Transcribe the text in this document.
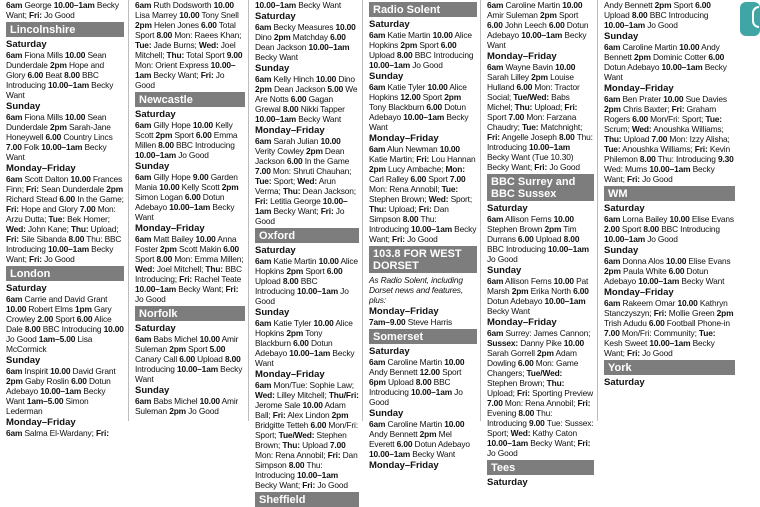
6am George 10.00–1am Becky Want; Fri: Jo Good

Lincolnshire
Saturday

6am Fiona Mills 10.00 Sean Dunderdale 2pm Hope and Glory 6.00 Beat 8.00 BBC Introducing 10.00–1am Becky Want

Sunday

6am Fiona Mills 10.00 Sean Dunderdale 2pm Sarah-Jane Honeywell 6.00 Country Lincs 7.00 Folk 10.00–1am Becky Want

Monday–Friday

6am Scott Dalton 10.00 Frances Finn; Fri: Sean Dunderdale 2pm Richard Stead 6.00 In the Game; Fri: Hope and Glory 7.00 Mon: Arzu Dutta; Tue: Bek Homer; Wed: John Kane; Thu: Upload; Fri: Sile Sibanda 8.00 Thu: BBC Introducing 10.00–1am Becky Want; Fri: Jo Good

London
Saturday

6am Carrie and David Grant 10.00 Robert Elms 1pm Gary Crowley 2.00 Sport 6.00 Alice Dale 8.00 BBC Introducing 10.00 Jo Good 1am–5.00 Lisa McCormick

Sunday

6am Inspirit 10.00 David Grant 2pm Gaby Roslin 6.00 Dotun Adebayo 10.00–1am Becky Want 1am–5.00 Simon Lederman

Monday–Friday

6am Salma El-Wardany; Fri:

6am Ruth Dodsworth 10.00 Lisa Marrey 10.00 Tony Snell 2pm Helen Jones 6.00 Total Sport 8.00 Mon: Raees Khan; Tue: Jade Burns; Wed: Joel Mitchell; Thu: Total Sport 9.00 Mon: Orient Express 10.00–1am Becky Want; Fri: Jo Good

Newcastle
Saturday

6am Gilly Hope 10.00 Kelly Scott 2pm Sport 6.00 Emma Millen 8.00 BBC Introducing 10.00–1am Jo Good

Sunday

6am Gilly Hope 9.00 Garden Mania 10.00 Kelly Scott 2pm Simon Logan 6.00 Dotun Adebayo 10.00–1am Becky Want

Monday–Friday

6am Matt Bailey 10.00 Anna Foster 2pm Scott Makin 6.00 Sport 8.00 Mon: Emma Millen; Wed: Joel Mitchell; Thu: BBC Introducing; Fri: Rachel Teate 10.00–1am Becky Want; Fri: Jo Good

Norfolk
Saturday

6am Babs Michel 10.00 Amir Suleman 2pm Sport 5.00 Canary Call 6.00 Upload 8.00 Introducing 10.00–1am Becky Want

Sunday

6am Babs Michel 10.00 Amir Suleman 2pm Jo Good

10.00–1am Becky Want

Saturday

6am Becky Measures 10.00 Dino 2pm Matchday 6.00 Dean Jackson 10.00–1am Becky Want

Sunday

6am Kelly Hinch 10.00 Dino 2pm Dean Jackson 5.00 We Are Notts 6.00 Gagan Grewal 8.00 Nikki Tapper 10.00–1am Becky Want

Monday–Friday

6am Sarah Julian 10.00 Verity Cowley 2pm Dean Jackson 6.00 In the Game 7.00 Mon: Shruti Chauhan; Tue: Sport; Wed: Arun Verma; Thu: Dean Jackson; Fri: Letitia George 10.00–1am Becky Want; Fri: Jo Good

Oxford
Saturday

6am Katie Martin 10.00 Alice Hopkins 2pm Sport 6.00 Upload 8.00 BBC Introducing 10.00–1am Jo Good

Sunday

6am Katie Tyler 10.00 Alice Hopkins 2pm Tony Blackburn 6.00 Dotun Adebayo 10.00–1am Becky Want

Monday–Friday

6am Mon/Tue: Sophie Law; Wed: Lilley Mitchell; Thu/Fri: Jerome Sale 10.00 Adam Ball; Fri: Alex Lindon 2pm Bridgitte Tetteh 6.00 Mon/Fri: Sport; Tue/Wed: Stephen Brown; Thu: Upload 7.00 Mon: Rena Annobil; Fri: Dan Simpson 8.00 Thu: Introducing 10.00–1am Becky Want; Fri: Jo Good

Sheffield
Radio Solent
Saturday

6am Katie Martin 10.00 Alice Hopkins 2pm Sport 6.00 Upload 8.00 BBC Introducing 10.00–1am Jo Good

Sunday

6am Katie Tyler 10.00 Alice Hopkins 12.00 Sport 2pm Tony Blackburn 6.00 Dotun Adebayo 10.00–1am Becky Want

Monday–Friday

6am Alun Newman 10.00 Katie Martin; Fri: Lou Hannan 2pm Lucy Ambache; Mon: Carl Ralley 6.00 Sport 7.00 Mon: Rena Annobil; Tue: Stephen Brown; Wed: Sport; Thu: Upload; Fri: Dan Simpson 8.00 Thu: Introducing 10.00–1am Becky Want; Fri: Jo Good

103.8 FOR WEST DORSET

As Radio Solent, including Dorset news and features, plus:

Monday–Friday

7am–9.00 Steve Harris

Somerset
Saturday

6am Caroline Martin 10.00 Andy Bennett 12.00 Sport 6pm Upload 8.00 BBC Introducing 10.00–1am Jo Good

Sunday

6am Caroline Martin 10.00 Andy Bennett 2pm Mel Everett 6.00 Dotun Adebayo 10.00–1am Becky Want

Monday–Friday

6am Caroline Martin 10.00 Amir Suleman 2pm Sport 6.00 John Leech 6.00 Dotun Adebayo 10.00–1am Becky Want

Monday–Friday

6am Wayne Bavin 10.00 Sarah Lilley 2pm Louise Hulland 6.00 Mon: Tractor Social; Tue/Wed: Babs Michel; Thu: Upload; Fri: Sport 7.00 Mon: Farzana Chaudry; Tue: Matchnight; Fri: Angelle Joseph 8.00 Thu: Introducing 10.00–1am Becky Want (Tue 10.30) Becky Want; Fri: Jo Good

BBC Surrey and BBC Sussex
Saturday

6am Allison Ferns 10.00 Stephen Brown 2pm Tim Durrans 6.00 Upload 8.00 BBC Introducing 10.00–1am Jo Good

Sunday

6am Allison Ferns 10.00 Pat Marsh 2pm Erika North 6.00 Dotun Adebayo 10.00–1am Becky Want

Monday–Friday

6am Surrey: James Cannon; Sussex: Danny Pike 10.00 Sarah Gorrell 2pm Adam Dowling 6.00 Mon: Game Changers; Tue/Wed: Stephen Brown; Thu: Upload; Fri: Sporting Preview 7.00 Mon: Rena Annobil; Fri: Evening 8.00 Thu: Introducing 9.00 Tue: Sussex: Sport; Wed: Kathy Caton 10.00–1am Becky Want; Fri: Jo Good

Tees
Saturday

Andy Bennett 2pm Sport 6.00 Upload 8.00 BBC Introducing 10.00–1am Jo Good

Sunday

6am Caroline Martin 10.00 Andy Bennett 2pm Dominic Cotter 6.00 Dotun Adebayo 10.00–1am Becky Want

Monday–Friday

6am Ben Prater 10.00 Sue Davies 2pm Chris Baxter; Fri: Graham Rogers 6.00 Mon/Fri: Sport; Tue: Scrum; Wed: Anoushka Williams; Thu: Upload 7.00 Mon: Izzy Alisha; Tue: Anoushka Williams; Fri: Kevin Philemon 8.00 Thu: Introducing 9.30 Wed: Mums 10.00–1am Becky Want; Fri: Jo Good

WM
Saturday

6am Lorna Bailey 10.00 Elise Evans 2.00 Sport 8.00 BBC Introducing 10.00–1am Jo Good

Sunday

6am Donna Alos 10.00 Elise Evans 2pm Paula White 6.00 Dotun Adebayo 10.00–1am Becky Want

Monday–Friday

6am Rakeem Omar 10.00 Kathryn Stanczyszyn; Fri: Mollie Green 2pm Trish Adudu 6.00 Football Phone-in 7.00 Mon/Fri: Community; Tue: Kesh Sweet 10.00–1am Becky Want; Fri: Jo Good

York
Saturday
